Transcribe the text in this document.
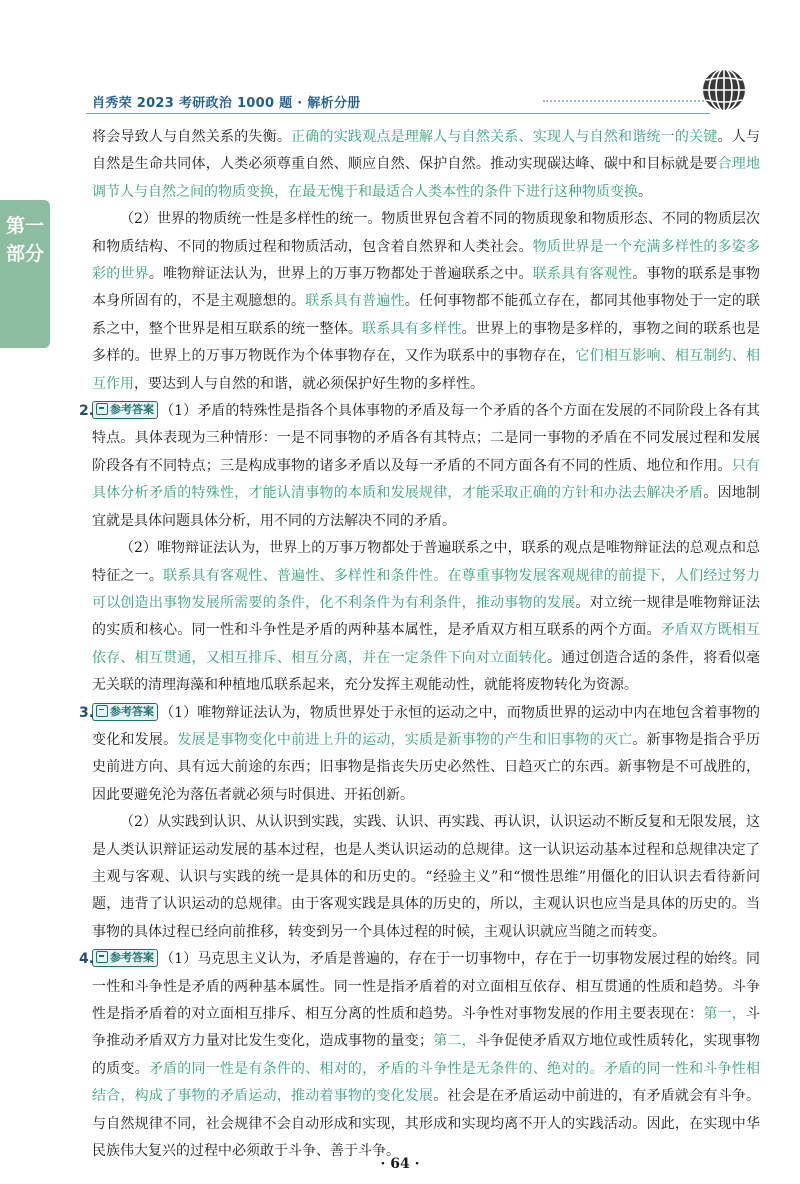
肖秀荣 2023 考研政治 1000 题 · 解析分册
第一
部分
将会导致人与自然关系的失衡。正确的实践观点是理解人与自然关系、实现人与自然和谐统一的关键。人与自然是生命共同体，人类必须尊重自然、顺应自然、保护自然。推动实现碳达峰、碳中和目标就是要合理地调节人与自然之间的物质变换，在最无愧于和最适合人类本性的条件下进行这种物质变换。
（2）世界的物质统一性是多样性的统一。物质世界包含着不同的物质现象和物质形态、不同的物质层次和物质结构、不同的物质过程和物质活动，包含着自然界和人类社会。物质世界是一个充满多样性的多姿多彩的世界。唯物辩证法认为，世界上的万事万物都处于普遍联系之中。联系具有客观性。事物的联系是事物本身所固有的，不是主观臆想的。联系具有普遍性。任何事物都不能孤立存在，都同其他事物处于一定的联系之中，整个世界是相互联系的统一整体。联系具有多样性。世界上的事物是多样的，事物之间的联系也是多样的。世界上的万事万物既作为个体事物存在，又作为联系中的事物存在，它们相互影响、相互制约、相互作用，要达到人与自然的和谐，就必须保护好生物的多样性。
2. 参考答案 （1）矛盾的特殊性是指各个具体事物的矛盾及每一个矛盾的各个方面在发展的不同阶段上各有其特点。具体表现为三种情形：一是不同事物的矛盾各有其特点；二是同一事物的矛盾在不同发展过程和发展阶段各有不同特点；三是构成事物的诸多矛盾以及每一矛盾的不同方面各有不同的性质、地位和作用。只有具体分析矛盾的特殊性，才能认清事物的本质和发展规律，才能采取正确的方针和办法去解决矛盾。因地制宜就是具体问题具体分析，用不同的方法解决不同的矛盾。
（2）唯物辩证法认为，世界上的万事万物都处于普遍联系之中，联系的观点是唯物辩证法的总观点和总特征之一。联系具有客观性、普遍性、多样性和条件性。在尊重事物发展客观规律的前提下，人们经过努力可以创造出事物发展所需要的条件，化不利条件为有利条件，推动事物的发展。对立统一规律是唯物辩证法的实质和核心。同一性和斗争性是矛盾的两种基本属性，是矛盾双方相互联系的两个方面。矛盾双方既相互依存、相互贯通，又相互排斥、相互分离，并在一定条件下向对立面转化。通过创造合适的条件，将看似毫无关联的清理海藻和种植地瓜联系起来，充分发挥主观能动性，就能将废物转化为资源。
3. 参考答案 （1）唯物辩证法认为，物质世界处于永恒的运动之中，而物质世界的运动中内在地包含着事物的变化和发展。发展是事物变化中前进上升的运动，实质是新事物的产生和旧事物的灭亡。新事物是指合乎历史前进方向、具有远大前途的东西；旧事物是指丧失历史必然性、日趋灭亡的东西。新事物是不可战胜的，因此要避免沦为落伍者就必须与时俱进、开拓创新。
（2）从实践到认识、从认识到实践，实践、认识、再实践、再认识，认识运动不断反复和无限发展，这是人类认识辩证运动发展的基本过程，也是人类认识运动的总规律。这一认识运动基本过程和总规律决定了主观与客观、认识与实践的统一是具体的和历史的。“经验主义”和“惯性思维”用僵化的旧认识去看待新问题，违背了认识运动的总规律。由于客观实践是具体的历史的，所以，主观认识也应当是具体的历史的。当事物的具体过程已经向前推移，转变到另一个具体过程的时候，主观认识就应当随之而转变。
4. 参考答案 （1）马克思主义认为，矛盾是普遍的，存在于一切事物中，存在于一切事物发展过程的始终。同一性和斗争性是矛盾的两种基本属性。同一性是指矛盾着的对立面相互依存、相互贯通的性质和趋势。斗争性是指矛盾着的对立面相互排斥、相互分离的性质和趋势。斗争性对事物发展的作用主要表现在：第一，斗争推动矛盾双方力量对比发生变化，造成事物的量变；第二，斗争促使矛盾双方地位或性质转化，实现事物的质变。矛盾的同一性是有条件的、相对的，矛盾的斗争性是无条件的、绝对的。矛盾的同一性和斗争性相结合，构成了事物的矛盾运动，推动着事物的变化发展。社会是在矛盾运动中前进的，有矛盾就会有斗争。与自然规律不同，社会规律不会自动形成和实现，其形成和实现均离不开人的实践活动。因此，在实现中华民族伟大复兴的过程中必须敢于斗争、善于斗争。
· 64 ·
